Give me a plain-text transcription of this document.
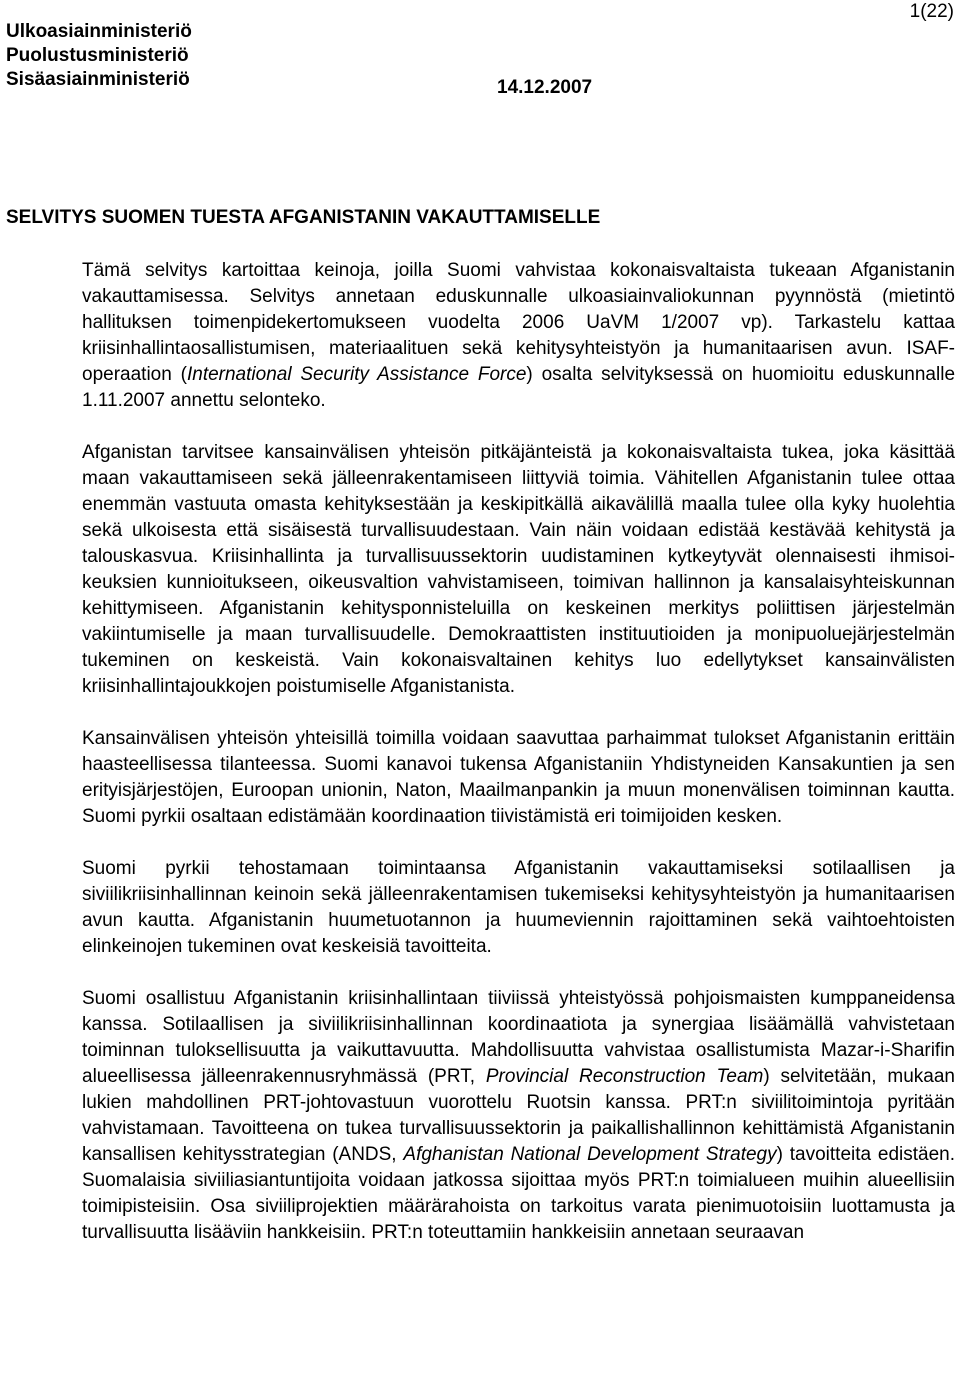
1(22)
Ulkoasiainministeriö
Puolustusministeriö
Sisäasiainministeriö	14.12.2007
SELVITYS SUOMEN TUESTA AFGANISTANIN VAKAUTTAMISELLE

Tämä selvitys kartoittaa keinoja, joilla Suomi vahvistaa kokonaisvaltaista tukeaan Afganistanin vakauttamisessa. Selvitys annetaan eduskunnalle ulkoasiainvaliokunnan pyynnöstä (mietintö hallituksen toimenpidekertomukseen vuodelta 2006 UaVM 1/2007 vp). Tarkastelu kattaa kriisinhallintaosallistumisen, materiaalituen sekä kehitysyhteistyön ja humanitaarisen avun. ISAF-operaation (International Security Assistance Force) osalta selvityksessä on huomioitu eduskunnalle 1.11.2007 annettu selonteko.

Afganistan tarvitsee kansainvälisen yhteisön pitkäjänteistä ja kokonaisvaltaista tukea, joka käsittää maan vakauttamiseen sekä jälleenrakentamiseen liittyviä toimia. Vähitellen Afganistanin tulee ottaa enemmän vastuuta omasta kehityksestään ja keskipitkällä aikavälillä maalla tulee olla kyky huolehtia sekä ulkoisesta että sisäisestä turvallisuudestaan. Vain näin voidaan edistää kestävää kehitystä ja talouskasvua. Kriisinhallinta ja turvallisuussektorin uudistaminen kytkeytyvät olennaisesti ihmisoikeuksien kunnioitukseen, oikeusvaltion vahvistamiseen, toimivan hallinnon ja kansalaisyhteiskunnan kehittymiseen. Afganistanin kehitysponnisteluilla on keskeinen merkitys poliittisen järjestelmän vakiintumiselle ja maan turvallisuudelle. Demokraattisten instituutioiden ja monipuoluejärjestelmän tukeminen on keskeistä. Vain kokonaisvaltainen kehitys luo edellytykset kansainvälisten kriisinhallintajoukkojen poistumiselle Afganistanista.

Kansainvälisen yhteisön yhteisillä toimilla voidaan saavuttaa parhaimmat tulokset Afganistanin erittäin haasteellisessa tilanteessa. Suomi kanavoi tukensa Afganistaniin Yhdistyneiden Kansakuntien ja sen erityisjärjestöjen, Euroopan unionin, Naton, Maailmanpankin ja muun monenvälisen toiminnan kautta. Suomi pyrkii osaltaan edistämään koordinaation tiivistämistä eri toimijoiden kesken.

Suomi pyrkii tehostamaan toimintaansa Afganistanin vakauttamiseksi sotilaallisen ja siviilikriisinhallinnan keinoin sekä jälleenrakentamisen tukemiseksi kehitysyhteistyön ja humanitaarisen avun kautta. Afganistanin huumetuotannon ja huumeviennin rajoittaminen sekä vaihtoehtoisten elinkeinojen tukeminen ovat keskeisiä tavoitteita.

Suomi osallistuu Afganistanin kriisinhallintaan tiiviissä yhteistyössä pohjoismaisten kumppaneidensa kanssa. Sotilaallisen ja siviilikriisinhallinnan koordinaatiota ja synergiaa lisäämällä vahvistetaan toiminnan tuloksellisuutta ja vaikuttavuutta. Mahdollisuutta vahvistaa osallistumista Mazar-i-Sharifin alueellisessa jälleenrakennusryhmässä (PRT, Provincial Reconstruction Team) selvitetään, mukaan lukien mahdollinen PRT-johtovastuun vuorottelu Ruotsin kanssa. PRT:n siviilitoimintoja pyritään vahvistamaan. Tavoitteena on tukea turvallisuussektorin ja paikallishallinnon kehittämistä Afganistanin kansallisen kehitysstrategian (ANDS, Afghanistan National Development Strategy) tavoitteita edistäen. Suomalaisia siviiliasiantuntijoita voidaan jatkossa sijoittaa myös PRT:n toimialueen muihin alueellisiin toimipisteisiin. Osa siviiliprojektien määrärahoista on tarkoitus varata pienimuotoisiin luottamusta ja turvallisuutta lisääviin hankkeisiin. PRT:n toteuttamiin hankkeisiin annetaan seuraavan
